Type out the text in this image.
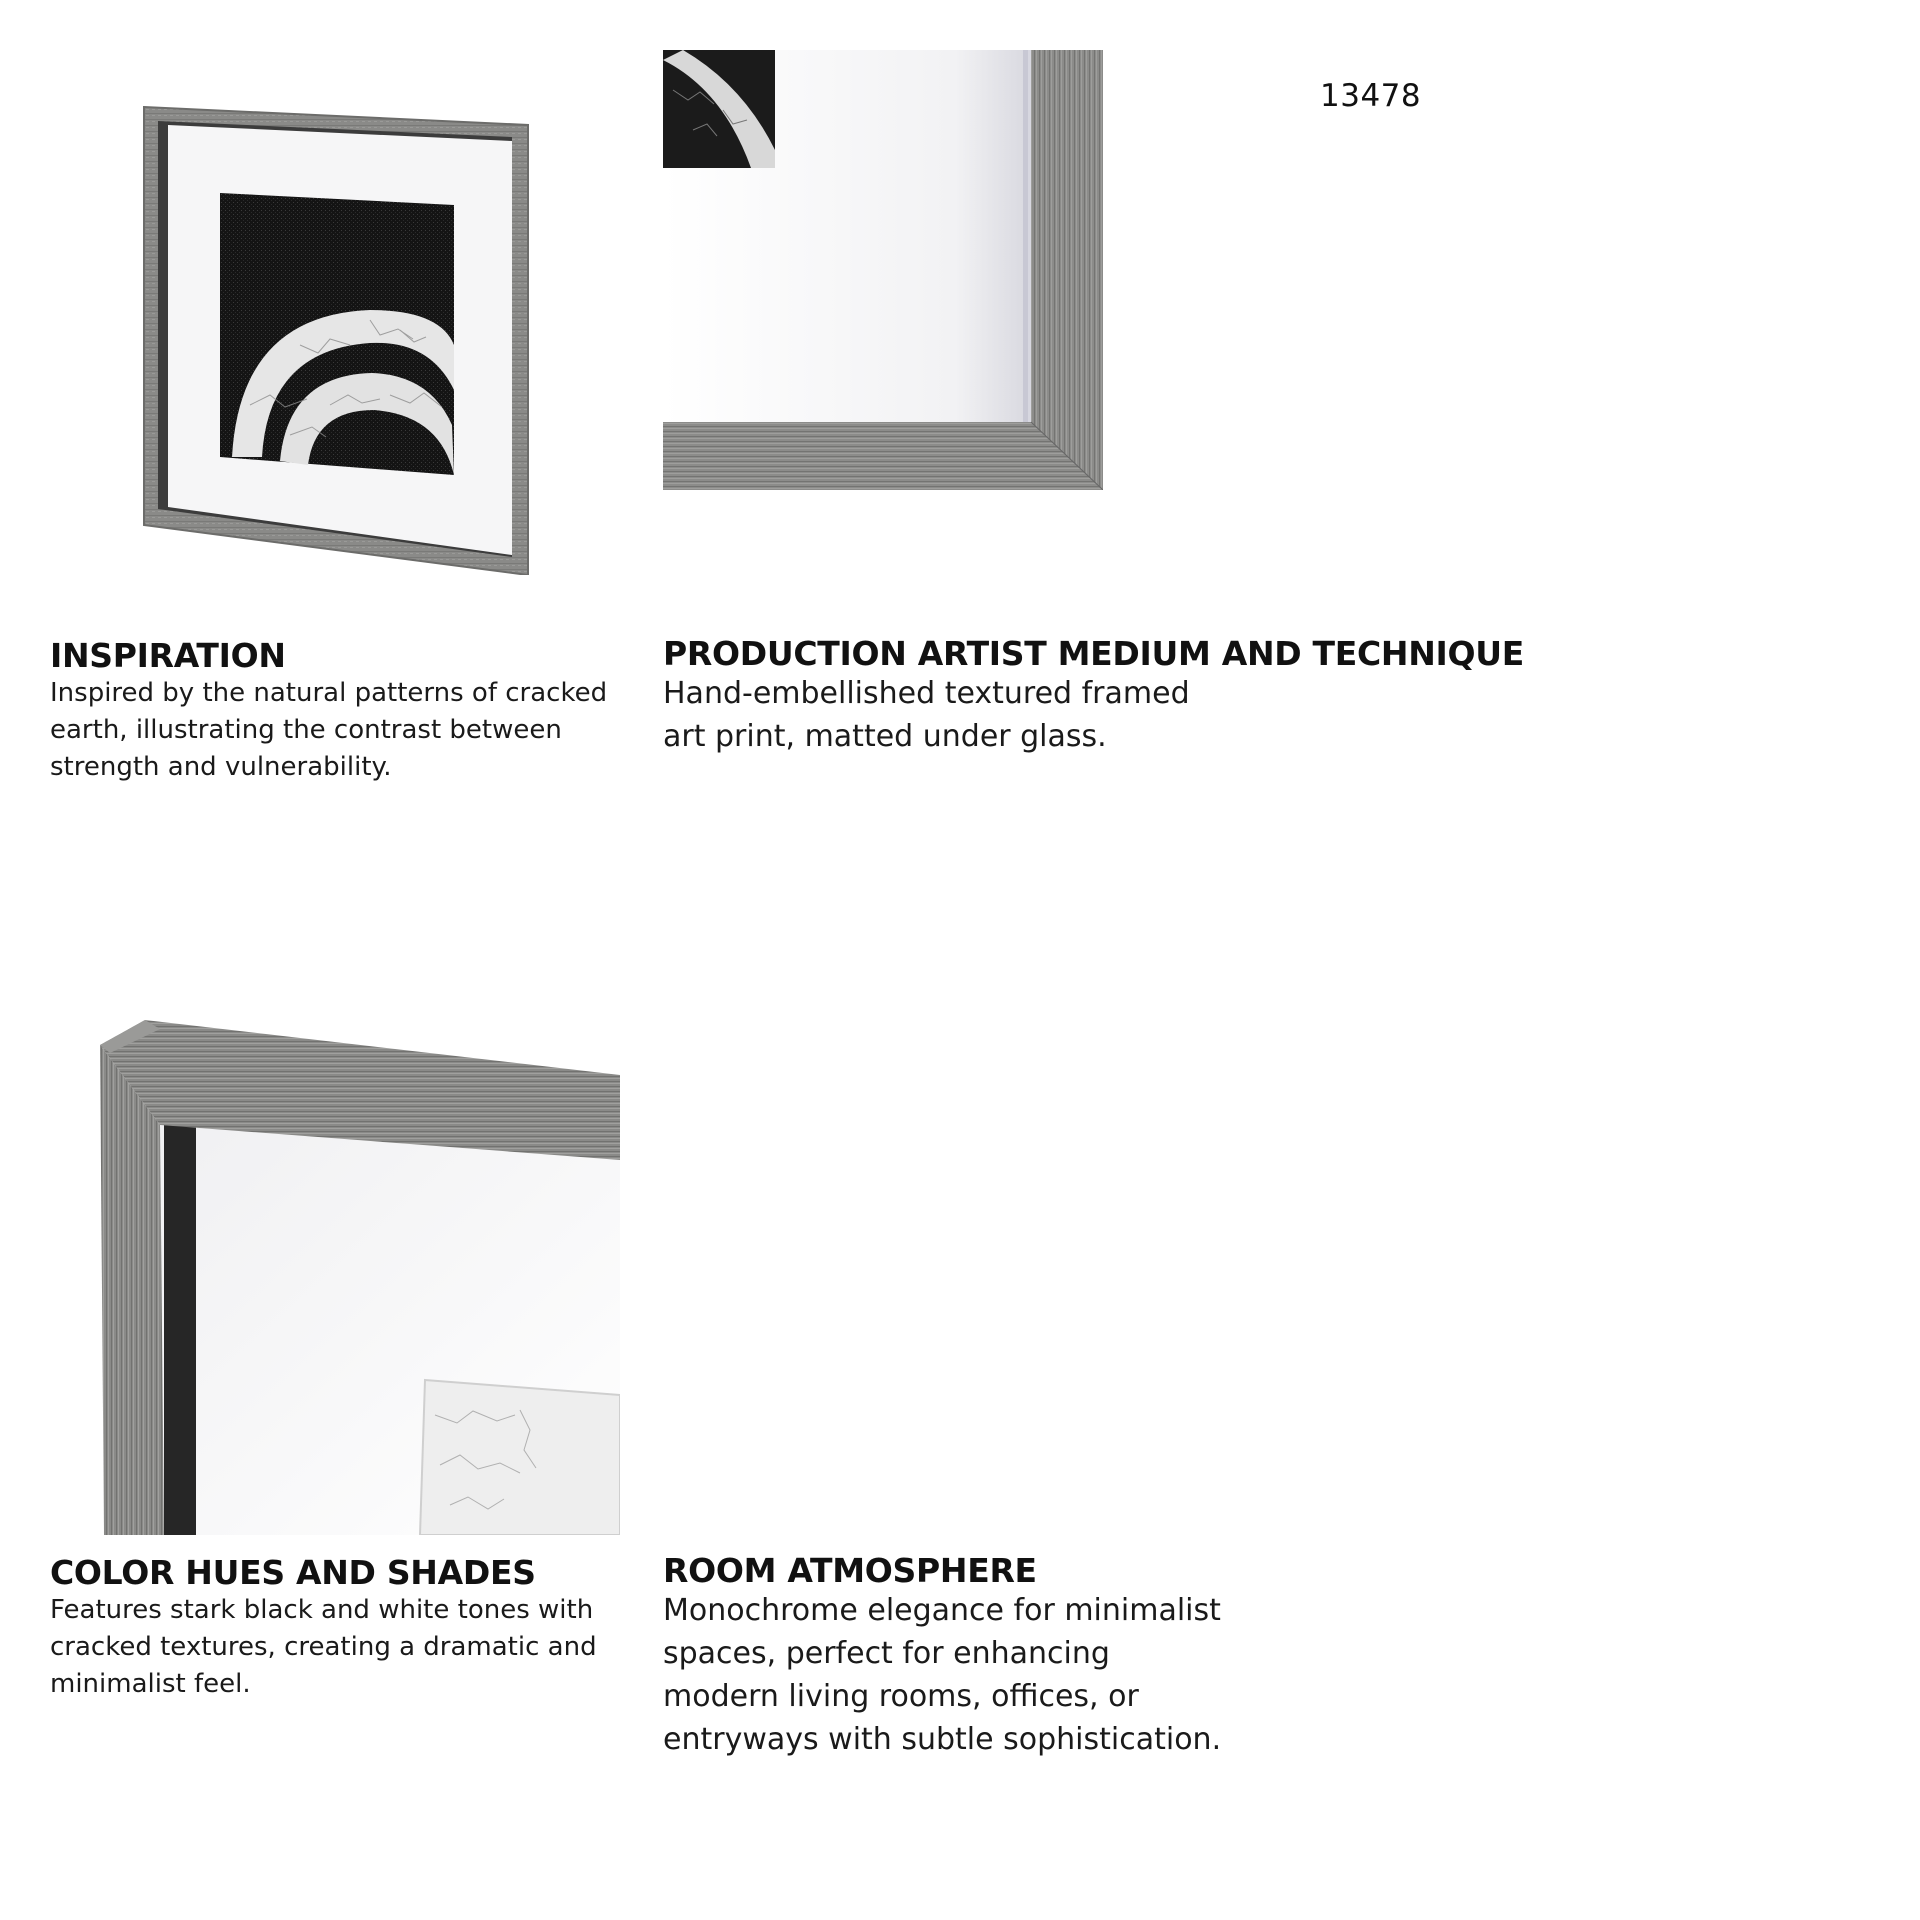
13478
INSPIRATION
Inspired by the natural patterns of cracked earth, illustrating the contrast between strength and vulnerability.
PRODUCTION ARTIST MEDIUM AND TECHNIQUE
Hand-embellished textured framed art print, matted under glass.
COLOR HUES AND SHADES
Features stark black and white tones with cracked textures, creating a dramatic and minimalist feel.
ROOM ATMOSPHERE
Monochrome elegance for minimalist spaces, perfect for enhancing modern living rooms, offices, or entryways with subtle sophistication.
